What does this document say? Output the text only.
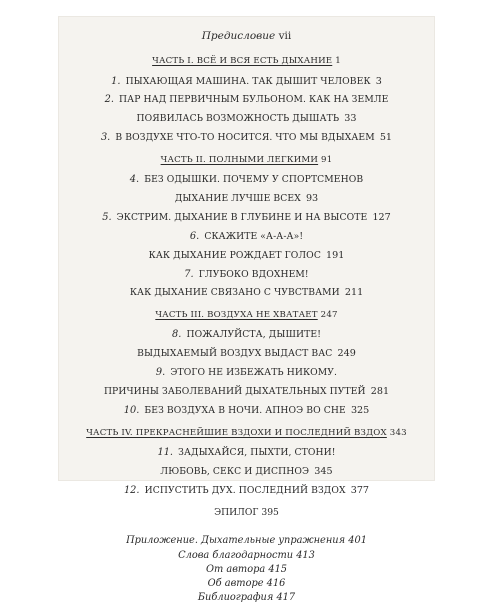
Предисловие vii
ЧАСТЬ I. ВСЁ И ВСЯ ЕСТЬ ДЫХАНИЕ 1
1. ПЫХАЮЩАЯ МАШИНА. ТАК ДЫШИТ ЧЕЛОВЕК 3
2. ПАР НАД ПЕРВИЧНЫМ БУЛЬОНОМ. КАК НА ЗЕМЛЕ
ПОЯВИЛАСЬ ВОЗМОЖНОСТЬ ДЫШАТЬ 33
3. В ВОЗДУХЕ ЧТО-ТО НОСИТСЯ. ЧТО МЫ ВДЫХАЕМ 51
ЧАСТЬ II. ПОЛНЫМИ ЛЕГКИМИ 91
4. БЕЗ ОДЫШКИ. ПОЧЕМУ У СПОРТСМЕНОВ
ДЫХАНИЕ ЛУЧШЕ ВСЕХ 93
5. ЭКСТРИМ. ДЫХАНИЕ В ГЛУБИНЕ И НА ВЫСОТЕ 127
6. СКАЖИТЕ «А-А-А»!
КАК ДЫХАНИЕ РОЖДАЕТ ГОЛОС 191
7. ГЛУБОКО ВДОХНЕМ!
КАК ДЫХАНИЕ СВЯЗАНО С ЧУВСТВАМИ 211
ЧАСТЬ III. ВОЗДУХА НЕ ХВАТАЕТ 247
8. ПОЖАЛУЙСТА, ДЫШИТЕ!
ВЫДЫХАЕМЫЙ ВОЗДУХ ВЫДАСТ ВАС 249
9. ЭТОГО НЕ ИЗБЕЖАТЬ НИКОМУ.
ПРИЧИНЫ ЗАБОЛЕВАНИЙ ДЫХАТЕЛЬНЫХ ПУТЕЙ 281
10. БЕЗ ВОЗДУХА В НОЧИ. АПНОЭ ВО СНЕ 325
ЧАСТЬ IV. ПРЕКРАСНЕЙШИЕ ВЗДОХИ И ПОСЛЕДНИЙ ВЗДОХ 343
11. ЗАДЫХАЙСЯ, ПЫХТИ, СТОНИ!
ЛЮБОВЬ, СЕКС И ДИСПНОЭ 345
12. ИСПУСТИТЬ ДУХ. ПОСЛЕДНИЙ ВЗДОХ 377
ЭПИЛОГ 395
Приложение. Дыхательные упражнения 401
Слова благодарности 413
От автора 415
Об авторе 416
Библиография 417
